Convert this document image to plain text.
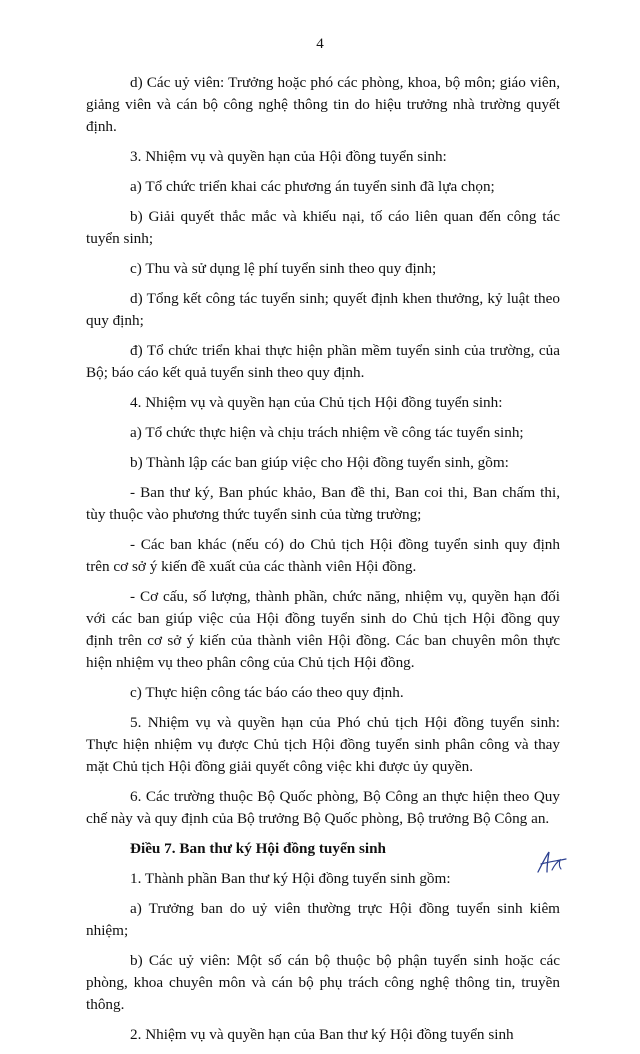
4

d) Các uỷ viên: Trưởng hoặc phó các phòng, khoa, bộ môn; giáo viên, giảng viên và cán bộ công nghệ thông tin do hiệu trưởng nhà trường quyết định.

3. Nhiệm vụ và quyền hạn của Hội đồng tuyển sinh:

a) Tổ chức triển khai các phương án tuyển sinh đã lựa chọn;

b) Giải quyết thắc mắc và khiếu nại, tố cáo liên quan đến công tác tuyển sinh;

c) Thu và sử dụng lệ phí tuyển sinh theo quy định;

d) Tổng kết công tác tuyển sinh; quyết định khen thưởng, kỷ luật theo quy định;

đ) Tổ chức triển khai thực hiện phần mềm tuyển sinh của trường, của Bộ; báo cáo kết quả tuyển sinh theo quy định.

4. Nhiệm vụ và quyền hạn của Chủ tịch Hội đồng tuyển sinh:

a) Tổ chức thực hiện và chịu trách nhiệm về công tác tuyển sinh;

b) Thành lập các ban giúp việc cho Hội đồng tuyển sinh, gồm:

- Ban thư ký, Ban phúc khảo, Ban đề thi, Ban coi thi, Ban chấm thi, tùy thuộc vào phương thức tuyển sinh của từng trường;

- Các ban khác (nếu có) do Chủ tịch Hội đồng tuyển sinh quy định trên cơ sở ý kiến đề xuất của các thành viên Hội đồng.

- Cơ cấu, số lượng, thành phần, chức năng, nhiệm vụ, quyền hạn đối với các ban giúp việc của Hội đồng tuyển sinh do Chủ tịch Hội đồng quy định trên cơ sở ý kiến của thành viên Hội đồng. Các ban chuyên môn thực hiện nhiệm vụ theo phân công của Chủ tịch Hội đồng.

c) Thực hiện công tác báo cáo theo quy định.

5. Nhiệm vụ và quyền hạn của Phó chủ tịch Hội đồng tuyển sinh: Thực hiện nhiệm vụ được Chủ tịch Hội đồng tuyển sinh phân công và thay mặt Chủ tịch Hội đồng giải quyết công việc khi được ủy quyền.

6. Các trường thuộc Bộ Quốc phòng, Bộ Công an thực hiện theo Quy chế này và quy định của Bộ trưởng Bộ Quốc phòng, Bộ trưởng Bộ Công an.

Điều 7. Ban thư ký Hội đồng tuyển sinh

1. Thành phần Ban thư ký Hội đồng tuyển sinh gồm:

a) Trưởng ban do uỷ viên thường trực Hội đồng tuyển sinh kiêm nhiệm;

b) Các uỷ viên: Một số cán bộ thuộc bộ phận tuyển sinh hoặc các phòng, khoa chuyên môn và cán bộ phụ trách công nghệ thông tin, truyền thông.

2. Nhiệm vụ và quyền hạn của Ban thư ký Hội đồng tuyển sinh
